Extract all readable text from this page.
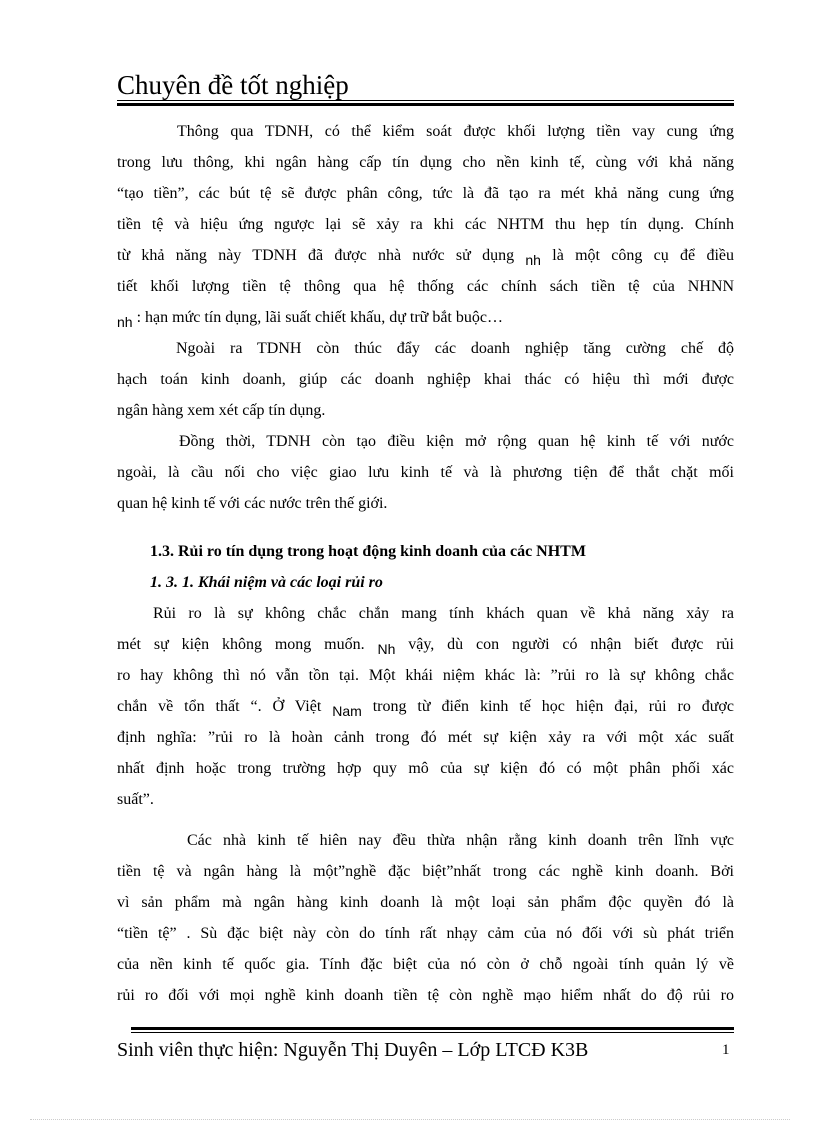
Chuyên đề tốt nghiệp
Thông qua TDNH, có thể kiểm soát được khối lượng tiền vay cung ứng
trong lưu thông, khi ngân hàng cấp tín dụng cho nền kinh tế, cùng với khả năng
“tạo tiền”, các bút tệ sẽ được phân công, tức là đã tạo ra mét khả năng cung ứng
tiền tệ và hiệu ứng ngược lại sẽ xảy ra khi các NHTM thu hẹp tín dụng. Chính
từ khả năng này TDNH đã được nhà nước sử dụng nh là một công cụ để điều
tiết khối lượng tiền tệ thông qua hệ thống các chính sách tiền tệ của NHNN
nh : hạn mức tín dụng, lãi suất chiết khấu, dự trữ bắt buộc…
Ngoài ra TDNH còn thúc đẩy các doanh nghiệp tăng cường chế độ
hạch toán kinh doanh, giúp các doanh nghiệp khai thác có hiệu thì mới được
ngân hàng xem xét cấp tín dụng.
Đồng thời, TDNH còn tạo điều kiện mở rộng quan hệ kinh tế với nước
ngoài, là cầu nối cho việc giao lưu kinh tế và là phương tiện để thắt chặt mối
quan hệ kinh tế với các nước trên thế giới.
1.3. Rủi ro tín dụng trong hoạt động kinh doanh của các NHTM
1. 3. 1. Khái niệm và các loại rủi ro
Rủi ro là sự không chắc chắn mang tính khách quan về khả năng xảy ra
mét sự kiện không mong muốn. Nh vậy, dù con người có nhận biết được rủi
ro hay không thì nó vẫn tồn tại. Một khái niệm khác là: ”rủi ro là sự không chắc
chắn về tổn thất “. Ở Việt Nam trong từ điển kinh tế học hiện đại, rủi ro được
định nghĩa: ”rủi ro là hoàn cảnh trong đó mét sự kiện xảy ra với một xác suất
nhất định hoặc trong trường hợp quy mô của sự kiện đó có một phân phối xác
suất”.
Các nhà kinh tế hiên nay đều thừa nhận rằng kinh doanh trên lĩnh vực
tiền tệ và ngân hàng là một”nghề đặc biệt”nhất trong các nghề kinh doanh. Bởi
vì sản phẩm mà ngân hàng kinh doanh là một loại sản phẩm độc quyền đó là
“tiền tệ” . Sù đặc biệt này còn do tính rất nhạy cảm của nó đối với sù phát triển
của nền kinh tế quốc gia. Tính đặc biệt của nó còn ở chỗ ngoài tính quản lý về
rủi ro đối với mọi nghề kinh doanh tiền tệ còn nghề mạo hiểm nhất do độ rủi ro
Sinh viên thực hiện: Nguyễn Thị Duyên – Lớp LTCĐ K3B	1
